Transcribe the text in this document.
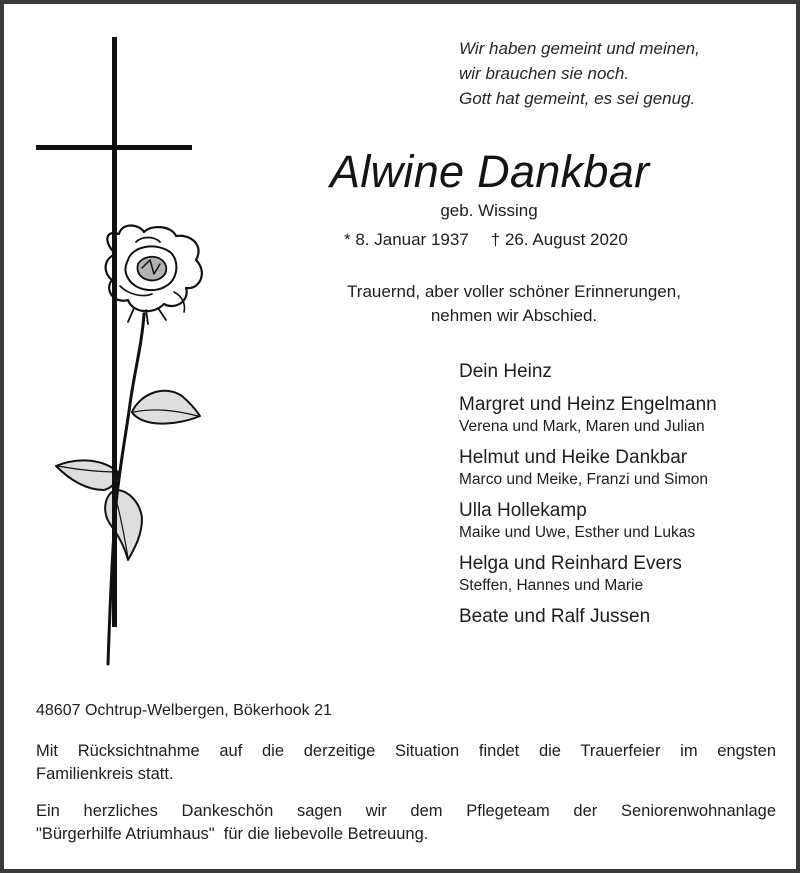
Wir haben gemeint und meinen,
wir brauchen sie noch.
Gott hat gemeint, es sei genug.
Alwine Dankbar
geb. Wissing
* 8. Januar 1937 † 26. August 2020
Trauernd, aber voller schöner Erinnerungen,
nehmen wir Abschied.
Dein Heinz
Margret und Heinz Engelmann
Verena und Mark, Maren und Julian
Helmut und Heike Dankbar
Marco und Meike, Franzi und Simon
Ulla Hollekamp
Maike und Uwe, Esther und Lukas
Helga und Reinhard Evers
Steffen, Hannes und Marie
Beate und Ralf Jussen
48607 Ochtrup-Welbergen, Bökerhook 21
Mit Rücksichtnahme auf die derzeitige Situation findet die Trauerfeier im engsten
Familienkreis statt.
Ein herzliches Dankeschön sagen wir dem Pflegeteam der Seniorenwohnanlage
"Bürgerhilfe Atriumhaus"  für die liebevolle Betreuung.
